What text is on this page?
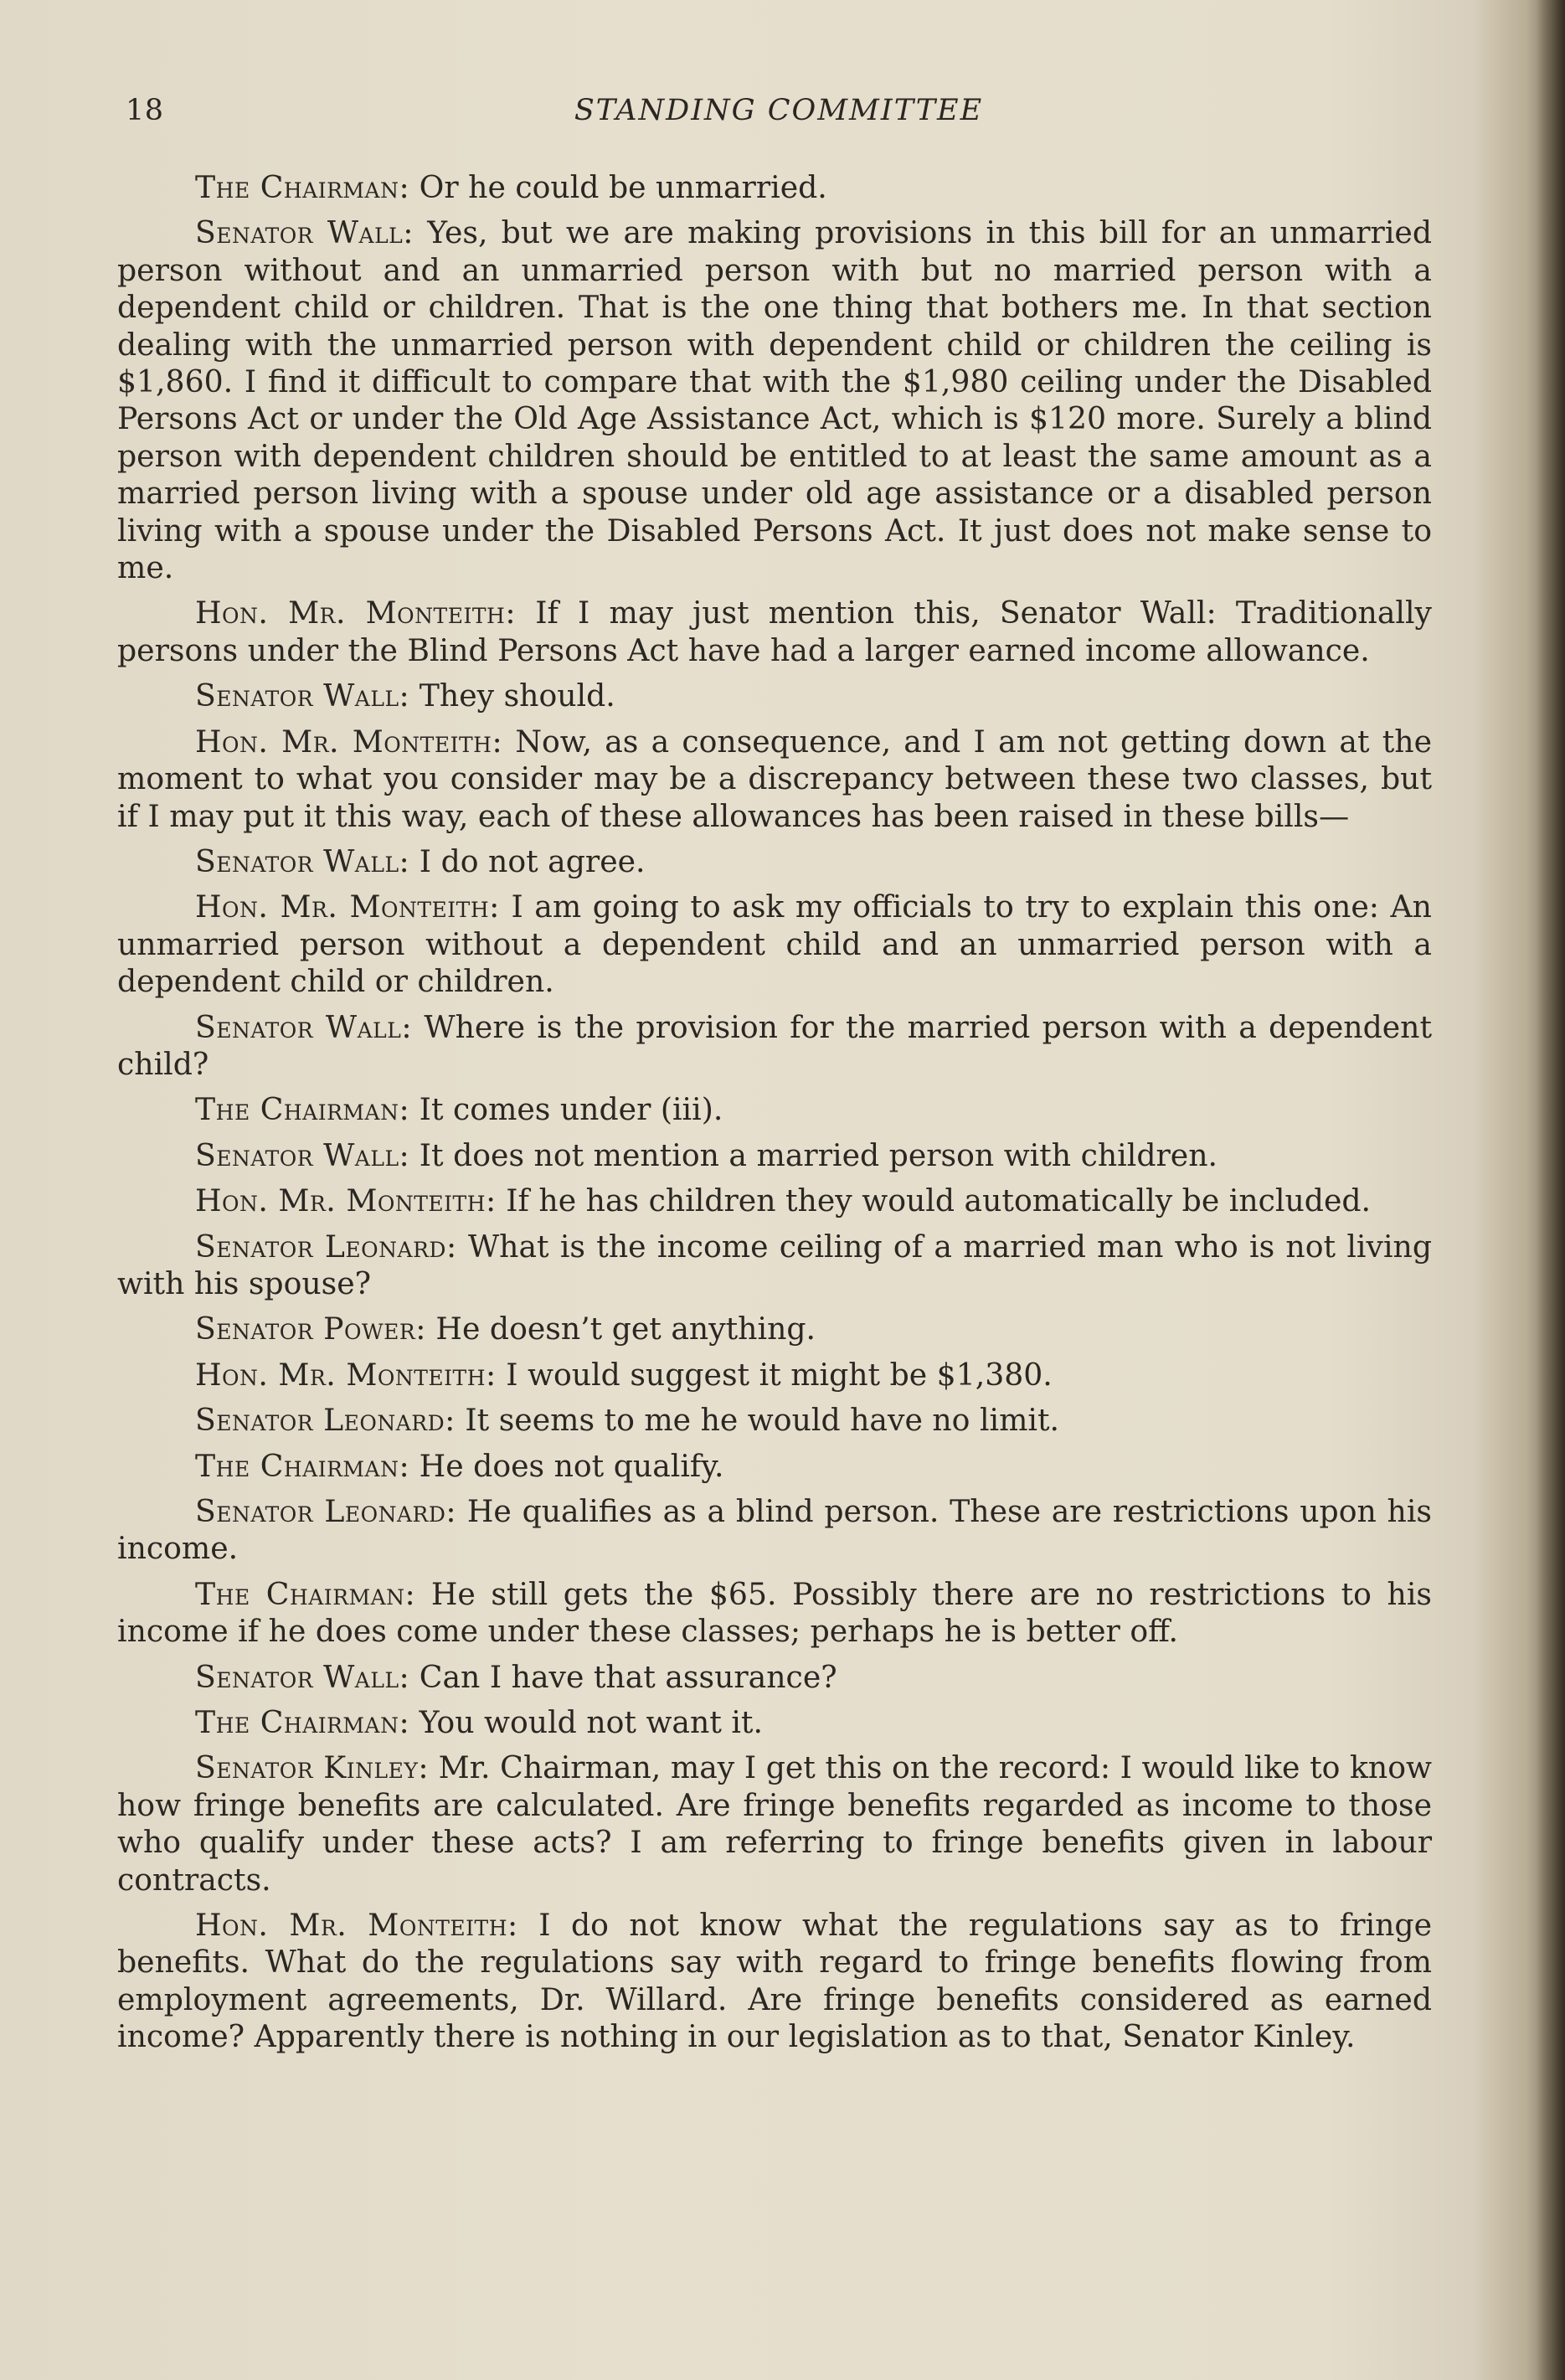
18	STANDING COMMITTEE

The Chairman: Or he could be unmarried.

Senator Wall: Yes, but we are making provisions in this bill for an unmarried person without and an unmarried person with but no married person with a dependent child or children. That is the one thing that bothers me. In that section dealing with the unmarried person with dependent child or children the ceiling is $1,860. I find it difficult to compare that with the $1,980 ceiling under the Disabled Persons Act or under the Old Age Assistance Act, which is $120 more. Surely a blind person with dependent children should be entitled to at least the same amount as a married person living with a spouse under old age assistance or a disabled person living with a spouse under the Disabled Persons Act. It just does not make sense to me.

Hon. Mr. Monteith: If I may just mention this, Senator Wall: Traditionally persons under the Blind Persons Act have had a larger earned income allowance.

Senator Wall: They should.

Hon. Mr. Monteith: Now, as a consequence, and I am not getting down at the moment to what you consider may be a discrepancy between these two classes, but if I may put it this way, each of these allowances has been raised in these bills—

Senator Wall: I do not agree.

Hon. Mr. Monteith: I am going to ask my officials to try to explain this one: An unmarried person without a dependent child and an unmarried person with a dependent child or children.

Senator Wall: Where is the provision for the married person with a dependent child?

The Chairman: It comes under (iii).

Senator Wall: It does not mention a married person with children.

Hon. Mr. Monteith: If he has children they would automatically be included.

Senator Leonard: What is the income ceiling of a married man who is not living with his spouse?

Senator Power: He doesn’t get anything.

Hon. Mr. Monteith: I would suggest it might be $1,380.

Senator Leonard: It seems to me he would have no limit.

The Chairman: He does not qualify.

Senator Leonard: He qualifies as a blind person. These are restrictions upon his income.

The Chairman: He still gets the $65. Possibly there are no restrictions to his income if he does come under these classes; perhaps he is better off.

Senator Wall: Can I have that assurance?

The Chairman: You would not want it.

Senator Kinley: Mr. Chairman, may I get this on the record: I would like to know how fringe benefits are calculated. Are fringe benefits regarded as income to those who qualify under these acts? I am referring to fringe benefits given in labour contracts.

Hon. Mr. Monteith: I do not know what the regulations say as to fringe benefits. What do the regulations say with regard to fringe benefits flowing from employment agreements, Dr. Willard. Are fringe benefits considered as earned income? Apparently there is nothing in our legislation as to that, Senator Kinley.
